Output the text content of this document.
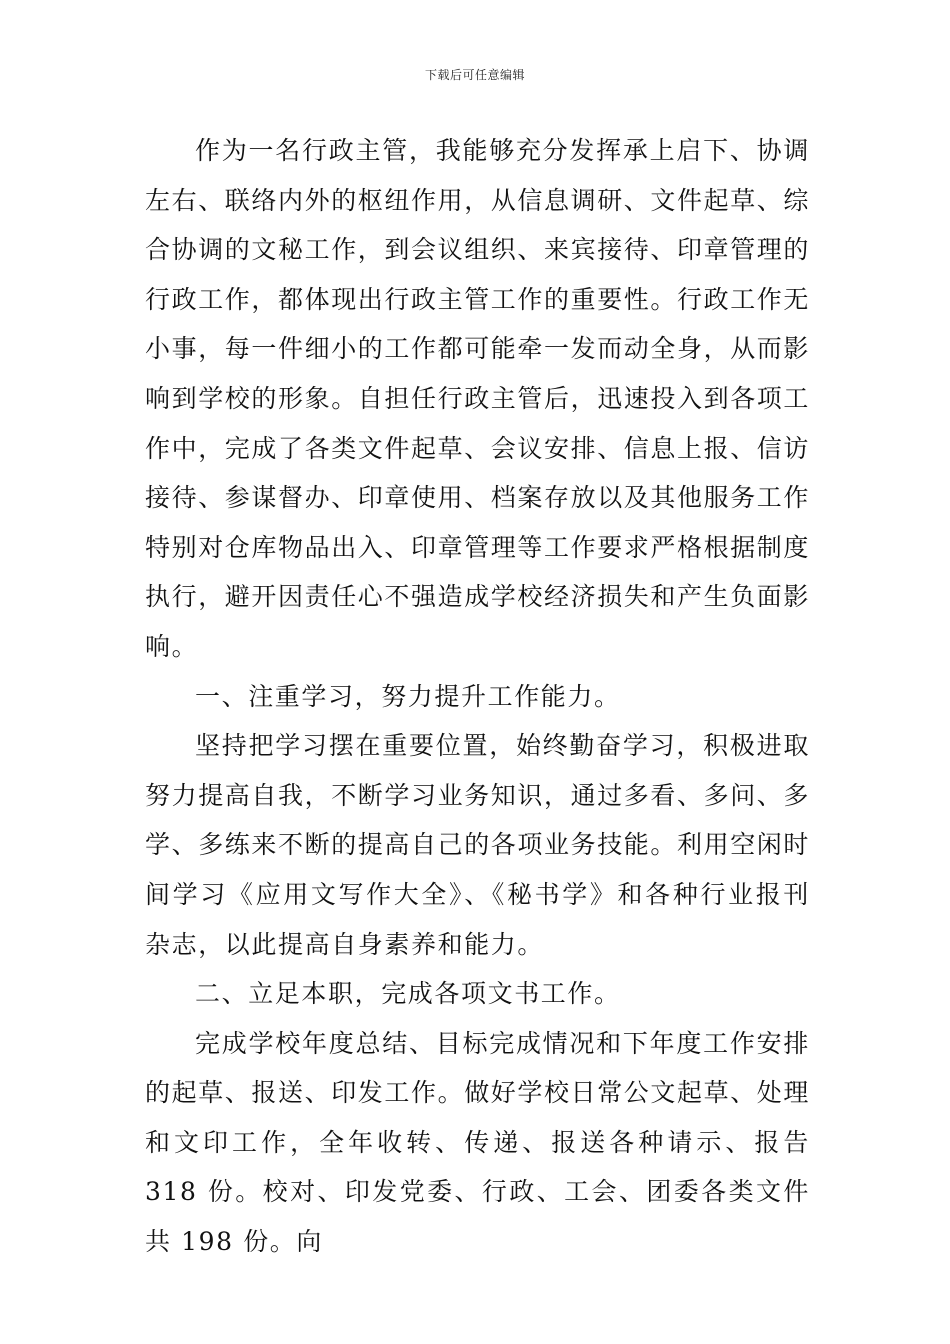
下载后可任意编辑

作为一名行政主管，我能够充分发挥承上启下、协调左右、联络内外的枢纽作用，从信息调研、文件起草、综合协调的文秘工作，到会议组织、来宾接待、印章管理的行政工作，都体现出行政主管工作的重要性。行政工作无小事，每一件细小的工作都可能牵一发而动全身，从而影响到学校的形象。自担任行政主管后，迅速投入到各项工作中，完成了各类文件起草、会议安排、信息上报、信访接待、参谋督办、印章使用、档案存放以及其他服务工作特别对仓库物品出入、印章管理等工作要求严格根据制度执行，避开因责任心不强造成学校经济损失和产生负面影响。

一、注重学习，努力提升工作能力。

坚持把学习摆在重要位置，始终勤奋学习，积极进取努力提高自我，不断学习业务知识，通过多看、多问、多学、多练来不断的提高自己的各项业务技能。利用空闲时间学习《应用文写作大全》、《秘书学》和各种行业报刊杂志，以此提高自身素养和能力。

二、立足本职，完成各项文书工作。

完成学校年度总结、目标完成情况和下年度工作安排的起草、报送、印发工作。做好学校日常公文起草、处理和文印工作，全年收转、传递、报送各种请示、报告 318 份。校对、印发党委、行政、工会、团委各类文件共 198 份。向
